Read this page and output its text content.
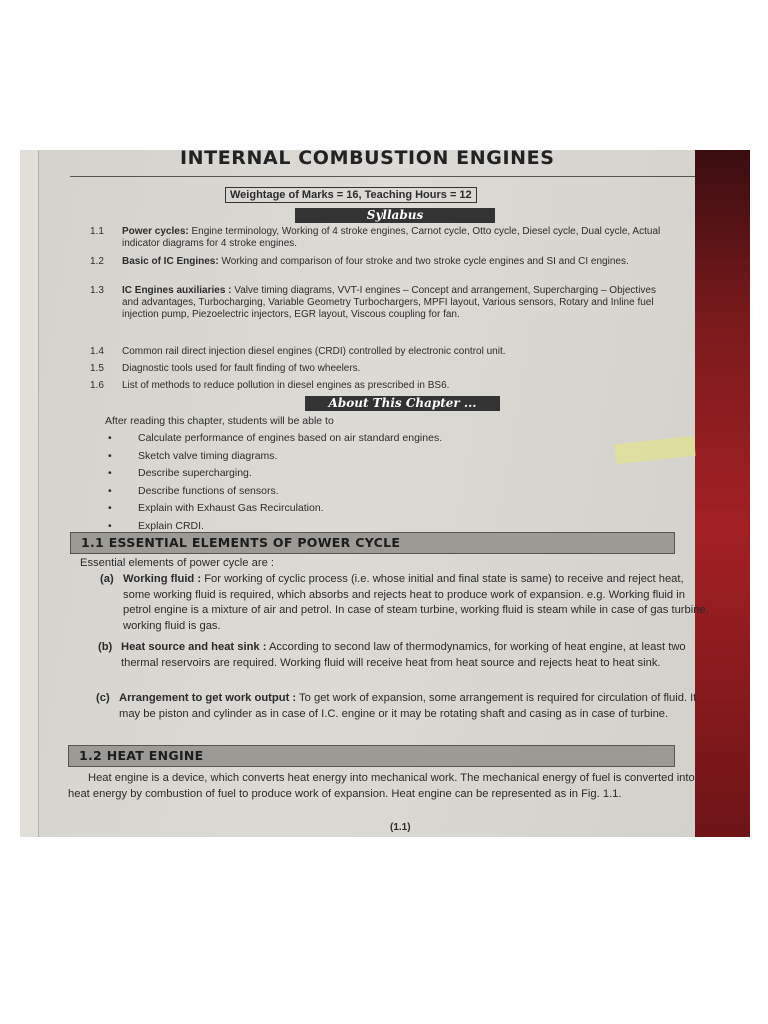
INTERNAL COMBUSTION ENGINES
Weightage of Marks = 16, Teaching Hours = 12
Syllabus
1.1 Power cycles: Engine terminology, Working of 4 stroke engines, Carnot cycle, Otto cycle, Diesel cycle, Dual cycle, Actual indicator diagrams for 4 stroke engines.
1.2 Basic of IC Engines: Working and comparison of four stroke and two stroke cycle engines and SI and CI engines.
1.3 IC Engines auxiliaries : Valve timing diagrams, VVT-I engines – Concept and arrangement, Supercharging – Objectives and advantages, Turbocharging, Variable Geometry Turbochargers, MPFI layout, Various sensors, Rotary and Inline fuel injection pump, Piezoelectric injectors, EGR layout, Viscous coupling for fan.
1.4 Common rail direct injection diesel engines (CRDI) controlled by electronic control unit.
1.5 Diagnostic tools used for fault finding of two wheelers.
1.6 List of methods to reduce pollution in diesel engines as prescribed in BS6.
About This Chapter ...
After reading this chapter, students will be able to
•	Calculate performance of engines based on air standard engines.
•	Sketch valve timing diagrams.
•	Describe supercharging.
•	Describe functions of sensors.
•	Explain with Exhaust Gas Recirculation.
•	Explain CRDI.
1.1 ESSENTIAL ELEMENTS OF POWER CYCLE
Essential elements of power cycle are :
(a) Working fluid : For working of cyclic process (i.e. whose initial and final state is same) to receive and reject heat, some working fluid is required, which absorbs and rejects heat to produce work of expansion. e.g. Working fluid in petrol engine is a mixture of air and petrol. In case of steam turbine, working fluid is steam while in case of gas turbine, working fluid is gas.
(b) Heat source and heat sink : According to second law of thermodynamics, for working of heat engine, at least two thermal reservoirs are required. Working fluid will receive heat from heat source and rejects heat to heat sink.
(c) Arrangement to get work output : To get work of expansion, some arrangement is required for circulation of fluid. It may be piston and cylinder as in case of I.C. engine or it may be rotating shaft and casing as in case of turbine.
1.2 HEAT ENGINE
Heat engine is a device, which converts heat energy into mechanical work. The mechanical energy of fuel is converted into heat energy by combustion of fuel to produce work of expansion. Heat engine can be represented as in Fig. 1.1.
(1.1)
